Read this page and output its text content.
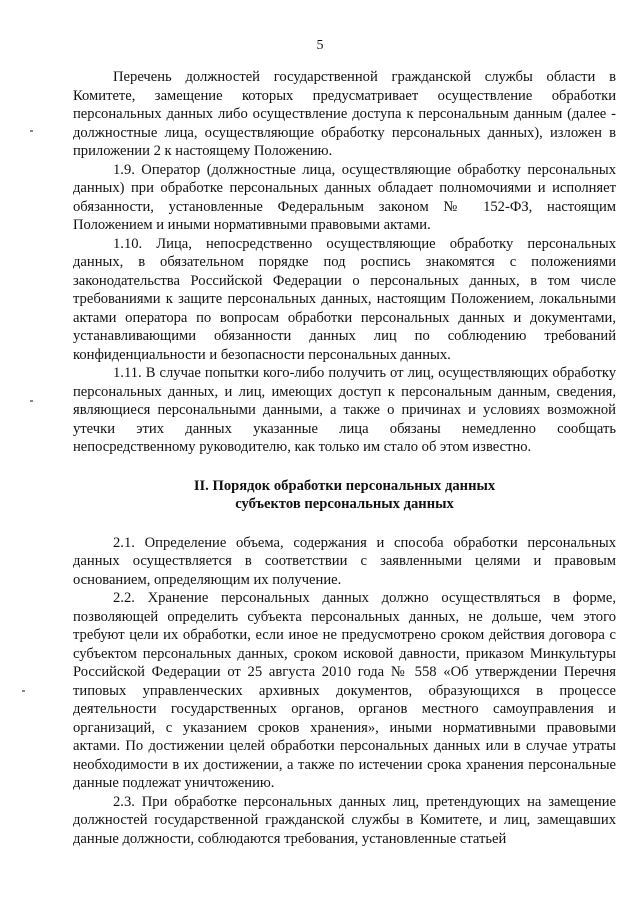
5

Перечень должностей государственной гражданской службы области в Комитете, замещение которых предусматривает осуществление обработки персональных данных либо осуществление доступа к персональным данным (далее - должностные лица, осуществляющие обработку персональных данных), изложен в приложении 2 к настоящему Положению.

1.9. Оператор (должностные лица, осуществляющие обработку персональных данных) при обработке персональных данных обладает полномочиями и исполняет обязанности, установленные Федеральным законом № 152-ФЗ, настоящим Положением и иными нормативными правовыми актами.

1.10. Лица, непосредственно осуществляющие обработку персональных данных, в обязательном порядке под роспись знакомятся с положениями законодательства Российской Федерации о персональных данных, в том числе требованиями к защите персональных данных, настоящим Положением, локальными актами оператора по вопросам обработки персональных данных и документами, устанавливающими обязанности данных лиц по соблюдению требований конфиденциальности и безопасности персональных данных.

1.11. В случае попытки кого-либо получить от лиц, осуществляющих обработку персональных данных, и лиц, имеющих доступ к персональным данным, сведения, являющиеся персональными данными, а также о причинах и условиях возможной утечки этих данных указанные лица обязаны немедленно сообщать непосредственному руководителю, как только им стало об этом известно.

II. Порядок обработки персональных данных
субъектов персональных данных

2.1. Определение объема, содержания и способа обработки персональных данных осуществляется в соответствии с заявленными целями и правовым основанием, определяющим их получение.

2.2. Хранение персональных данных должно осуществляться в форме, позволяющей определить субъекта персональных данных, не дольше, чем этого требуют цели их обработки, если иное не предусмотрено сроком действия договора с субъектом персональных данных, сроком исковой давности, приказом Минкультуры Российской Федерации от 25 августа 2010 года № 558 «Об утверждении Перечня типовых управленческих архивных документов, образующихся в процессе деятельности государственных органов, органов местного самоуправления и организаций, с указанием сроков хранения», иными нормативными правовыми актами. По достижении целей обработки персональных данных или в случае утраты необходимости в их достижении, а также по истечении срока хранения персональные данные подлежат уничтожению.

2.3. При обработке персональных данных лиц, претендующих на замещение должностей государственной гражданской службы в Комитете, и лиц, замещавших данные должности, соблюдаются требования, установленные статьей
